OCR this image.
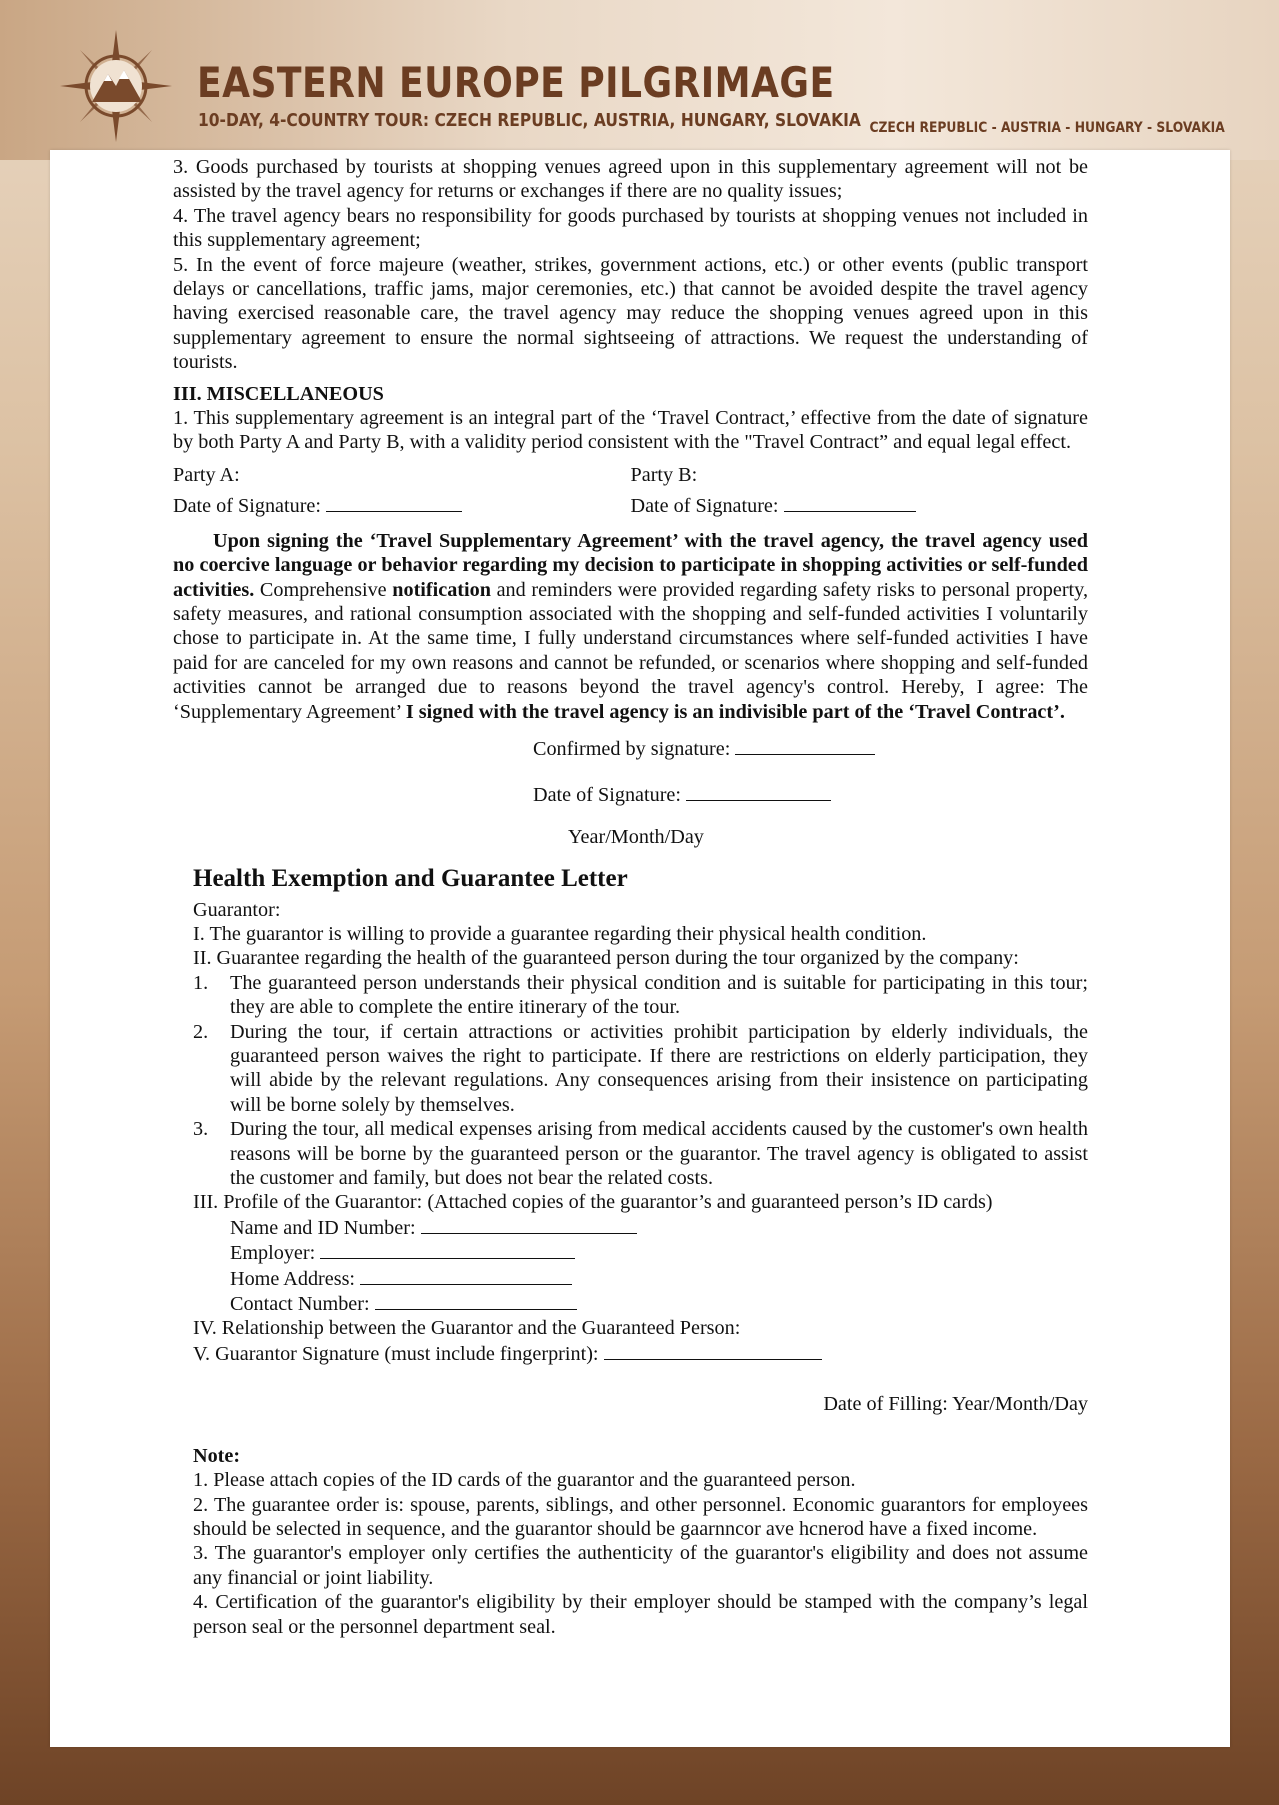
EASTERN EUROPE PILGRIMAGE
10-DAY, 4-COUNTRY TOUR: CZECH REPUBLIC, AUSTRIA, HUNGARY, SLOVAKIA CZECH REPUBLIC - AUSTRIA - HUNGARY - SLOVAKIA

3. Goods purchased by tourists at shopping venues agreed upon in this supplementary agreement will not be assisted by the travel agency for returns or exchanges if there are no quality issues;

4. The travel agency bears no responsibility for goods purchased by tourists at shopping venues not included in this supplementary agreement;

5. In the event of force majeure (weather, strikes, government actions, etc.) or other events (public transport delays or cancellations, traffic jams, major ceremonies, etc.) that cannot be avoided despite the travel agency having exercised reasonable care, the travel agency may reduce the shopping venues agreed upon in this supplementary agreement to ensure the normal sightseeing of attractions. We request the understanding of tourists.

III. MISCELLANEOUS

1. This supplementary agreement is an integral part of the ‘Travel Contract,’ effective from the date of signature by both Party A and Party B, with a validity period consistent with the "Travel Contract” and equal legal effect.

Party A:

Date of Signature:

Party B:

Date of Signature:

Upon signing the ‘Travel Supplementary Agreement’ with the travel agency, the travel agency used no coercive language or behavior regarding my decision to participate in shopping activities or self-funded activities. Comprehensive notification and reminders were provided regarding safety risks to personal property, safety measures, and rational consumption associated with the shopping and self-funded activities I voluntarily chose to participate in. At the same time, I fully understand circumstances where self-funded activities I have paid for are canceled for my own reasons and cannot be refunded, or scenarios where shopping and self-funded activities cannot be arranged due to reasons beyond the travel agency's control. Hereby, I agree: The ‘Supplementary Agreement’ I signed with the travel agency is an indivisible part of the ‘Travel Contract’.

Confirmed by signature:

Date of Signature:

Year/Month/Day

Health Exemption and Guarantee Letter

Guarantor:

I. The guarantor is willing to provide a guarantee regarding their physical health condition.

II. Guarantee regarding the health of the guaranteed person during the tour organized by the company:

1.	The guaranteed person understands their physical condition and is suitable for participating in this tour; they are able to complete the entire itinerary of the tour.
2.	During the tour, if certain attractions or activities prohibit participation by elderly individuals, the guaranteed person waives the right to participate. If there are restrictions on elderly participation, they will abide by the relevant regulations. Any consequences arising from their insistence on participating will be borne solely by themselves.
3.	During the tour, all medical expenses arising from medical accidents caused by the customer's own health reasons will be borne by the guaranteed person or the guarantor. The travel agency is obligated to assist the customer and family, but does not bear the related costs.

III. Profile of the Guarantor: (Attached copies of the guarantor’s and guaranteed person’s ID cards)

Name and ID Number:

Employer:

Home Address:

Contact Number:

IV. Relationship between the Guarantor and the Guaranteed Person:

V. Guarantor Signature (must include fingerprint):

Date of Filling: Year/Month/Day

Note:

1. Please attach copies of the ID cards of the guarantor and the guaranteed person.

2. The guarantee order is: spouse, parents, siblings, and other personnel. Economic guarantors for employees should be selected in sequence, and the guarantor should be gaarnncor ave hcnerod have a fixed income.

3. The guarantor's employer only certifies the authenticity of the guarantor's eligibility and does not assume any financial or joint liability.

4. Certification of the guarantor's eligibility by their employer should be stamped with the company’s legal person seal or the personnel department seal.
